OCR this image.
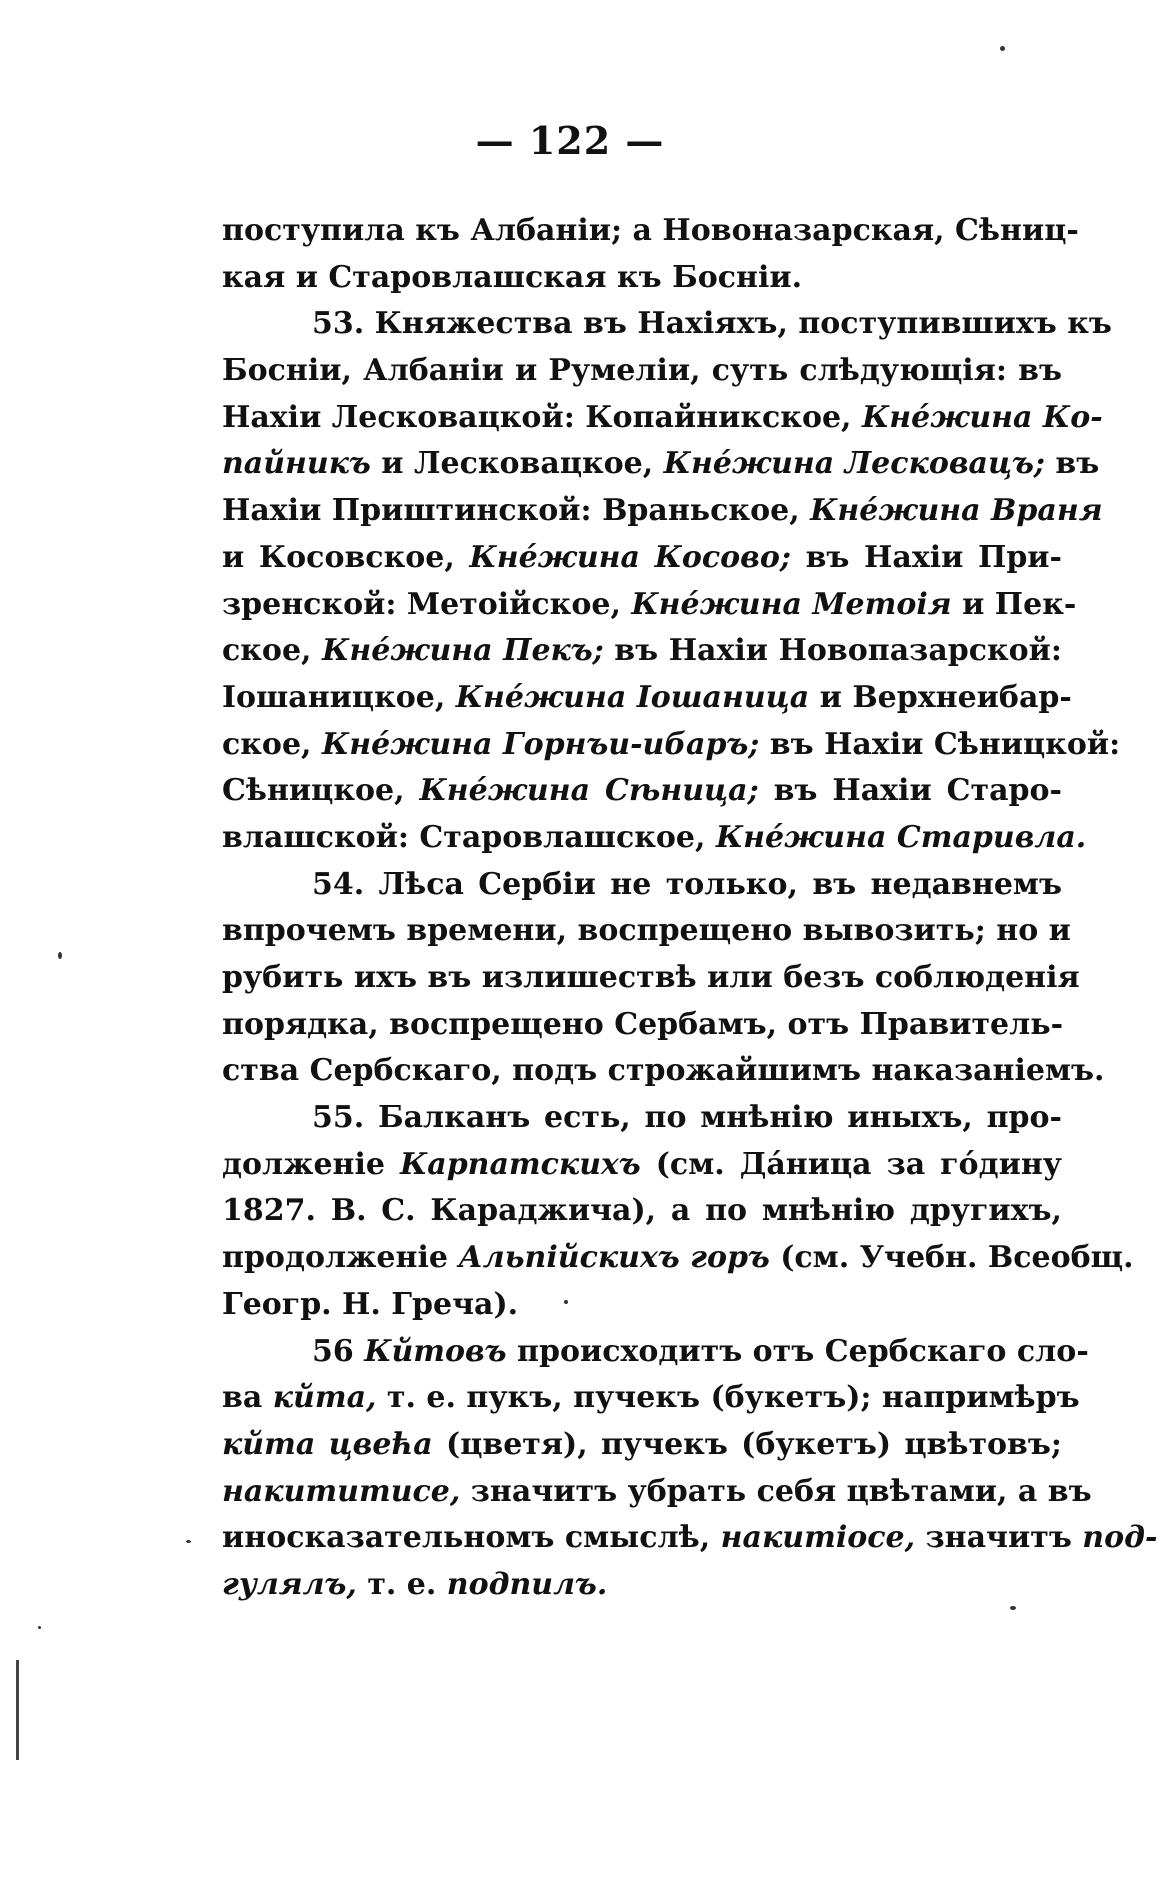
— 122 —
поступила къ Албаніи; а Новоназарская, Сѣниц-
кая и Старовлашская къ Босніи.
53. Княжества въ Нахіяхъ, поступившихъ къ
Босніи, Албаніи и Румеліи, суть слѣдующія: въ
Нахіи Лесковацкой: Копайникское, Кнéжина Ко-
пайникъ и Лесковацкое, Кнéжина Лесковацъ; въ
Нахіи Приштинской: Враньское, Кнéжина Враня
и Косовское, Кнéжина Косово; въ Нахіи При-
зренской: Метоійское, Кнéжина Метоія и Пек-
ское, Кнéжина Пекъ; въ Нахіи Новопазарской:
Іошаницкое, Кнéжина Іошаница и Верхнеибар-
ское, Кнéжина Горнъи-ибаръ; въ Нахіи Сѣницкой:
Сѣницкое, Кнéжина Сѣница; въ Нахіи Старо-
влашской: Старовлашское, Кнéжина Старивла.
54. Лѣса Сербіи не только, въ недавнемъ
впрочемъ времени, воспрещено вывозить; но и
рубить ихъ въ излишествѣ или безъ соблюденія
порядка, воспрещено Сербамъ, отъ Правитель-
ства Сербскаго, подъ строжайшимъ наказаніемъ.
55. Балканъ есть, по мнѣнію иныхъ, про-
долженіе Карпатскихъ (см. Дáница за гóдину
1827. В. С. Караджича), а по мнѣнію другихъ,
продолженіе Альпійскихъ горъ (см. Учебн. Всеобщ.
Геогр. Н. Греча).
56 Кйтовъ происходитъ отъ Сербскаго сло-
ва кйта, т. е. пукъ, пучекъ (букетъ); напримѣръ
кйта цвећа (цветя), пучекъ (букетъ) цвѣтовъ;
накититисе, значитъ убрать себя цвѣтами, а въ
иносказательномъ смыслѣ, накитіосе, значитъ под-
гулялъ, т. е. подпилъ.
